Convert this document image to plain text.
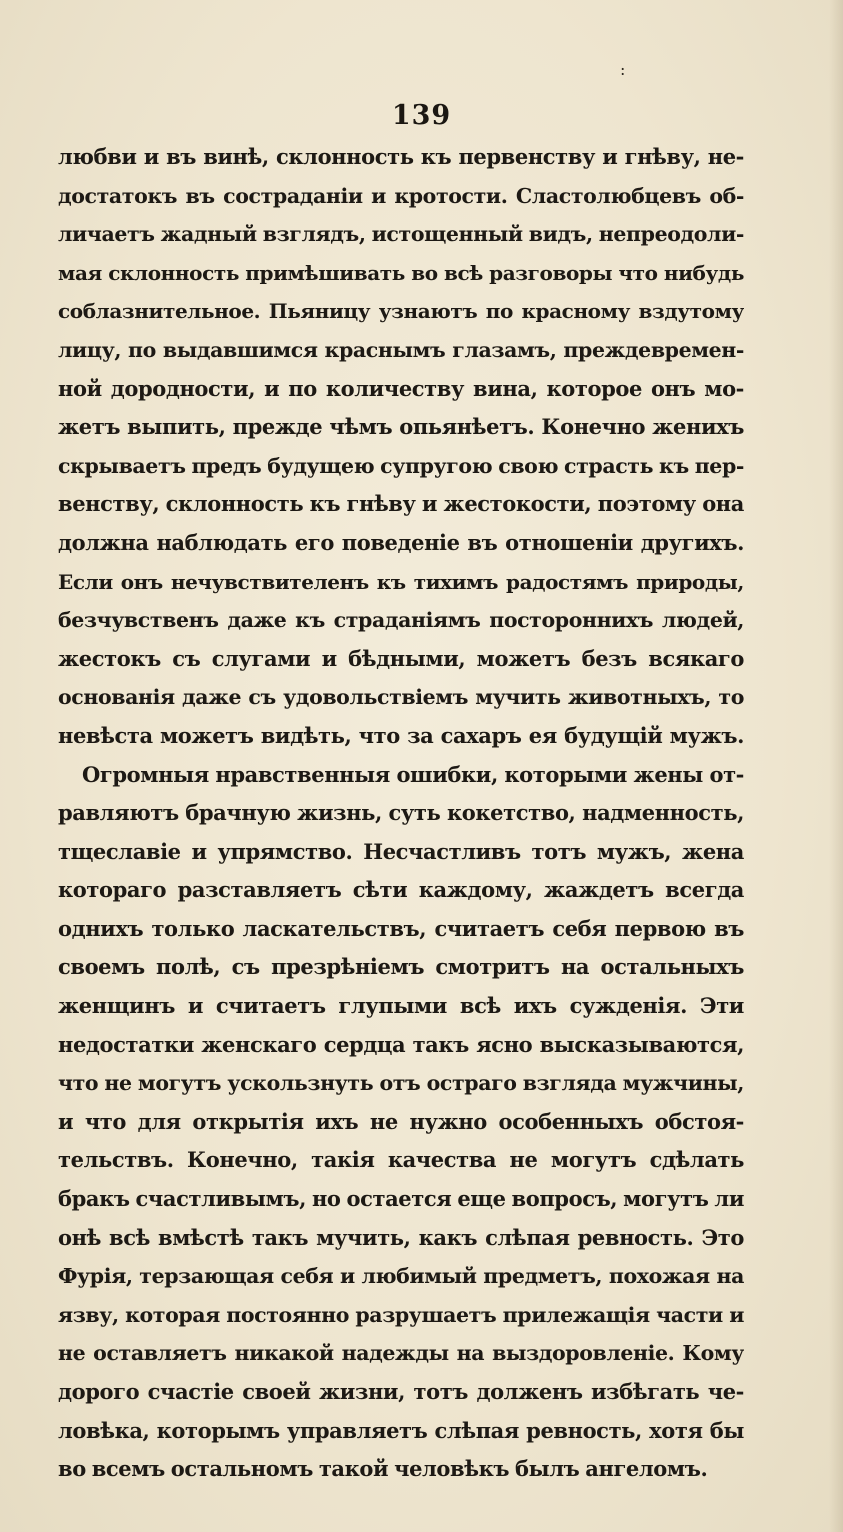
:
139
любви и въ винѣ, склонность къ первенству и гнѣву, не-
достатокъ въ состраданіи и кротости. Сластолюбцевъ об-
личаетъ жадный взглядъ, истощенный видъ, непреодоли-
мая склонность примѣшивать во всѣ разговоры что нибудь
соблазнительное. Пьяницу узнаютъ по красному вздутому
лицу, по выдавшимся краснымъ глазамъ, преждевремен-
ной дородности, и по количеству вина, которое онъ мо-
жетъ выпить, прежде чѣмъ опьянѣетъ. Конечно женихъ
скрываетъ предъ будущею супругою свою страсть къ пер-
венству, склонность къ гнѣву и жестокости, поэтому она
должна наблюдать его поведеніе въ отношеніи другихъ.
Если онъ нечувствителенъ къ тихимъ радостямъ природы,
безчувственъ даже къ страданіямъ постороннихъ людей,
жестокъ съ слугами и бѣдными, можетъ безъ всякаго
основанія даже съ удовольствіемъ мучить животныхъ, то
невѣста можетъ видѣть, что за сахаръ ея будущій мужъ.
Огромныя нравственныя ошибки, которыми жены от-
равляютъ брачную жизнь, суть кокетство, надменность,
тщеславіе и упрямство. Несчастливъ тотъ мужъ, жена
котораго разставляетъ сѣти каждому, жаждетъ всегда
однихъ только ласкательствъ, считаетъ себя первою въ
своемъ полѣ, съ презрѣніемъ смотритъ на остальныхъ
женщинъ и считаетъ глупыми всѣ ихъ сужденія. Эти
недостатки женскаго сердца такъ ясно высказываются,
что не могутъ ускользнуть отъ остраго взгляда мужчины,
и что для открытія ихъ не нужно особенныхъ обстоя-
тельствъ. Конечно, такія качества не могутъ сдѣлать
бракъ счастливымъ, но остается еще вопросъ, могутъ ли
онѣ всѣ вмѣстѣ такъ мучить, какъ слѣпая ревность. Это
Фурія, терзающая себя и любимый предметъ, похожая на
язву, которая постоянно разрушаетъ прилежащія части и
не оставляетъ никакой надежды на выздоровленіе. Кому
дорого счастіе своей жизни, тотъ долженъ избѣгать че-
ловѣка, которымъ управляетъ слѣпая ревность, хотя бы
во всемъ остальномъ такой человѣкъ былъ ангеломъ.
